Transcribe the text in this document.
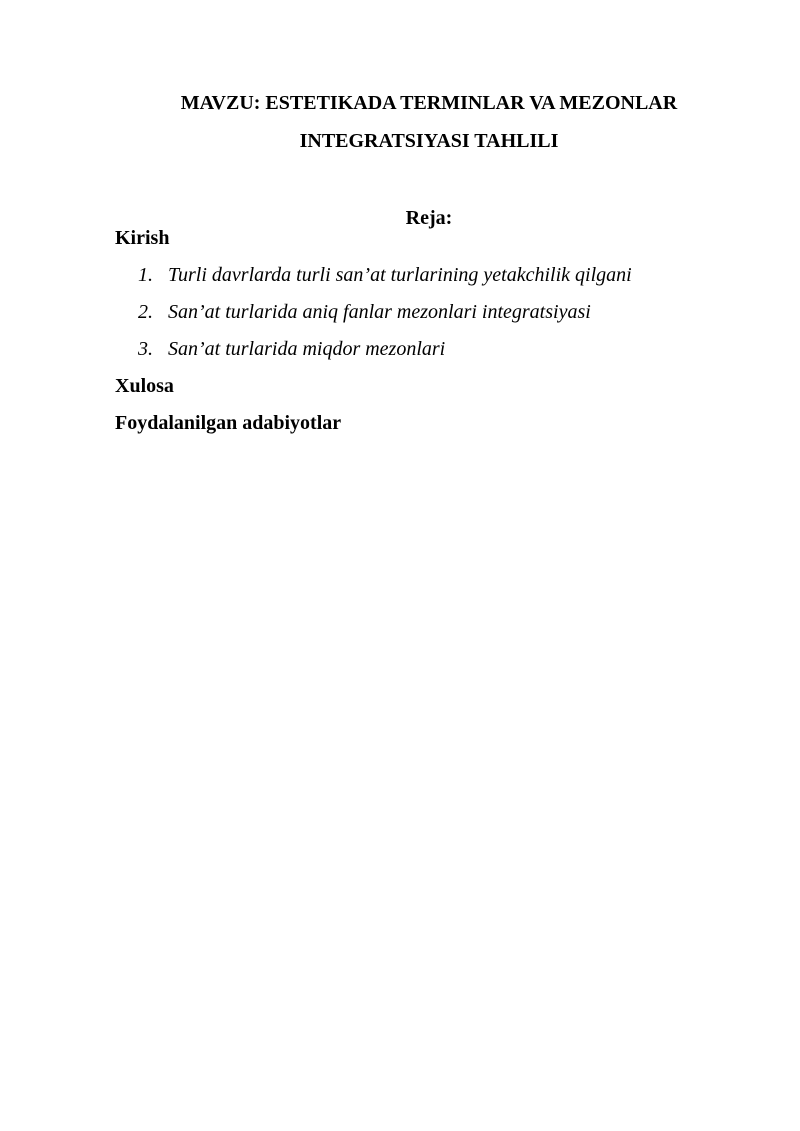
MAVZU: ESTETIKADA TERMINLAR VA MEZONLAR
INTEGRATSIYASI TAHLILI
Reja:
Kirish
1. Turli davrlarda turli san’at turlarining yetakchilik qilgani
2. San’at turlarida aniq fanlar mezonlari integratsiyasi
3. San’at turlarida miqdor mezonlari
Xulosa
Foydalanilgan adabiyotlar
